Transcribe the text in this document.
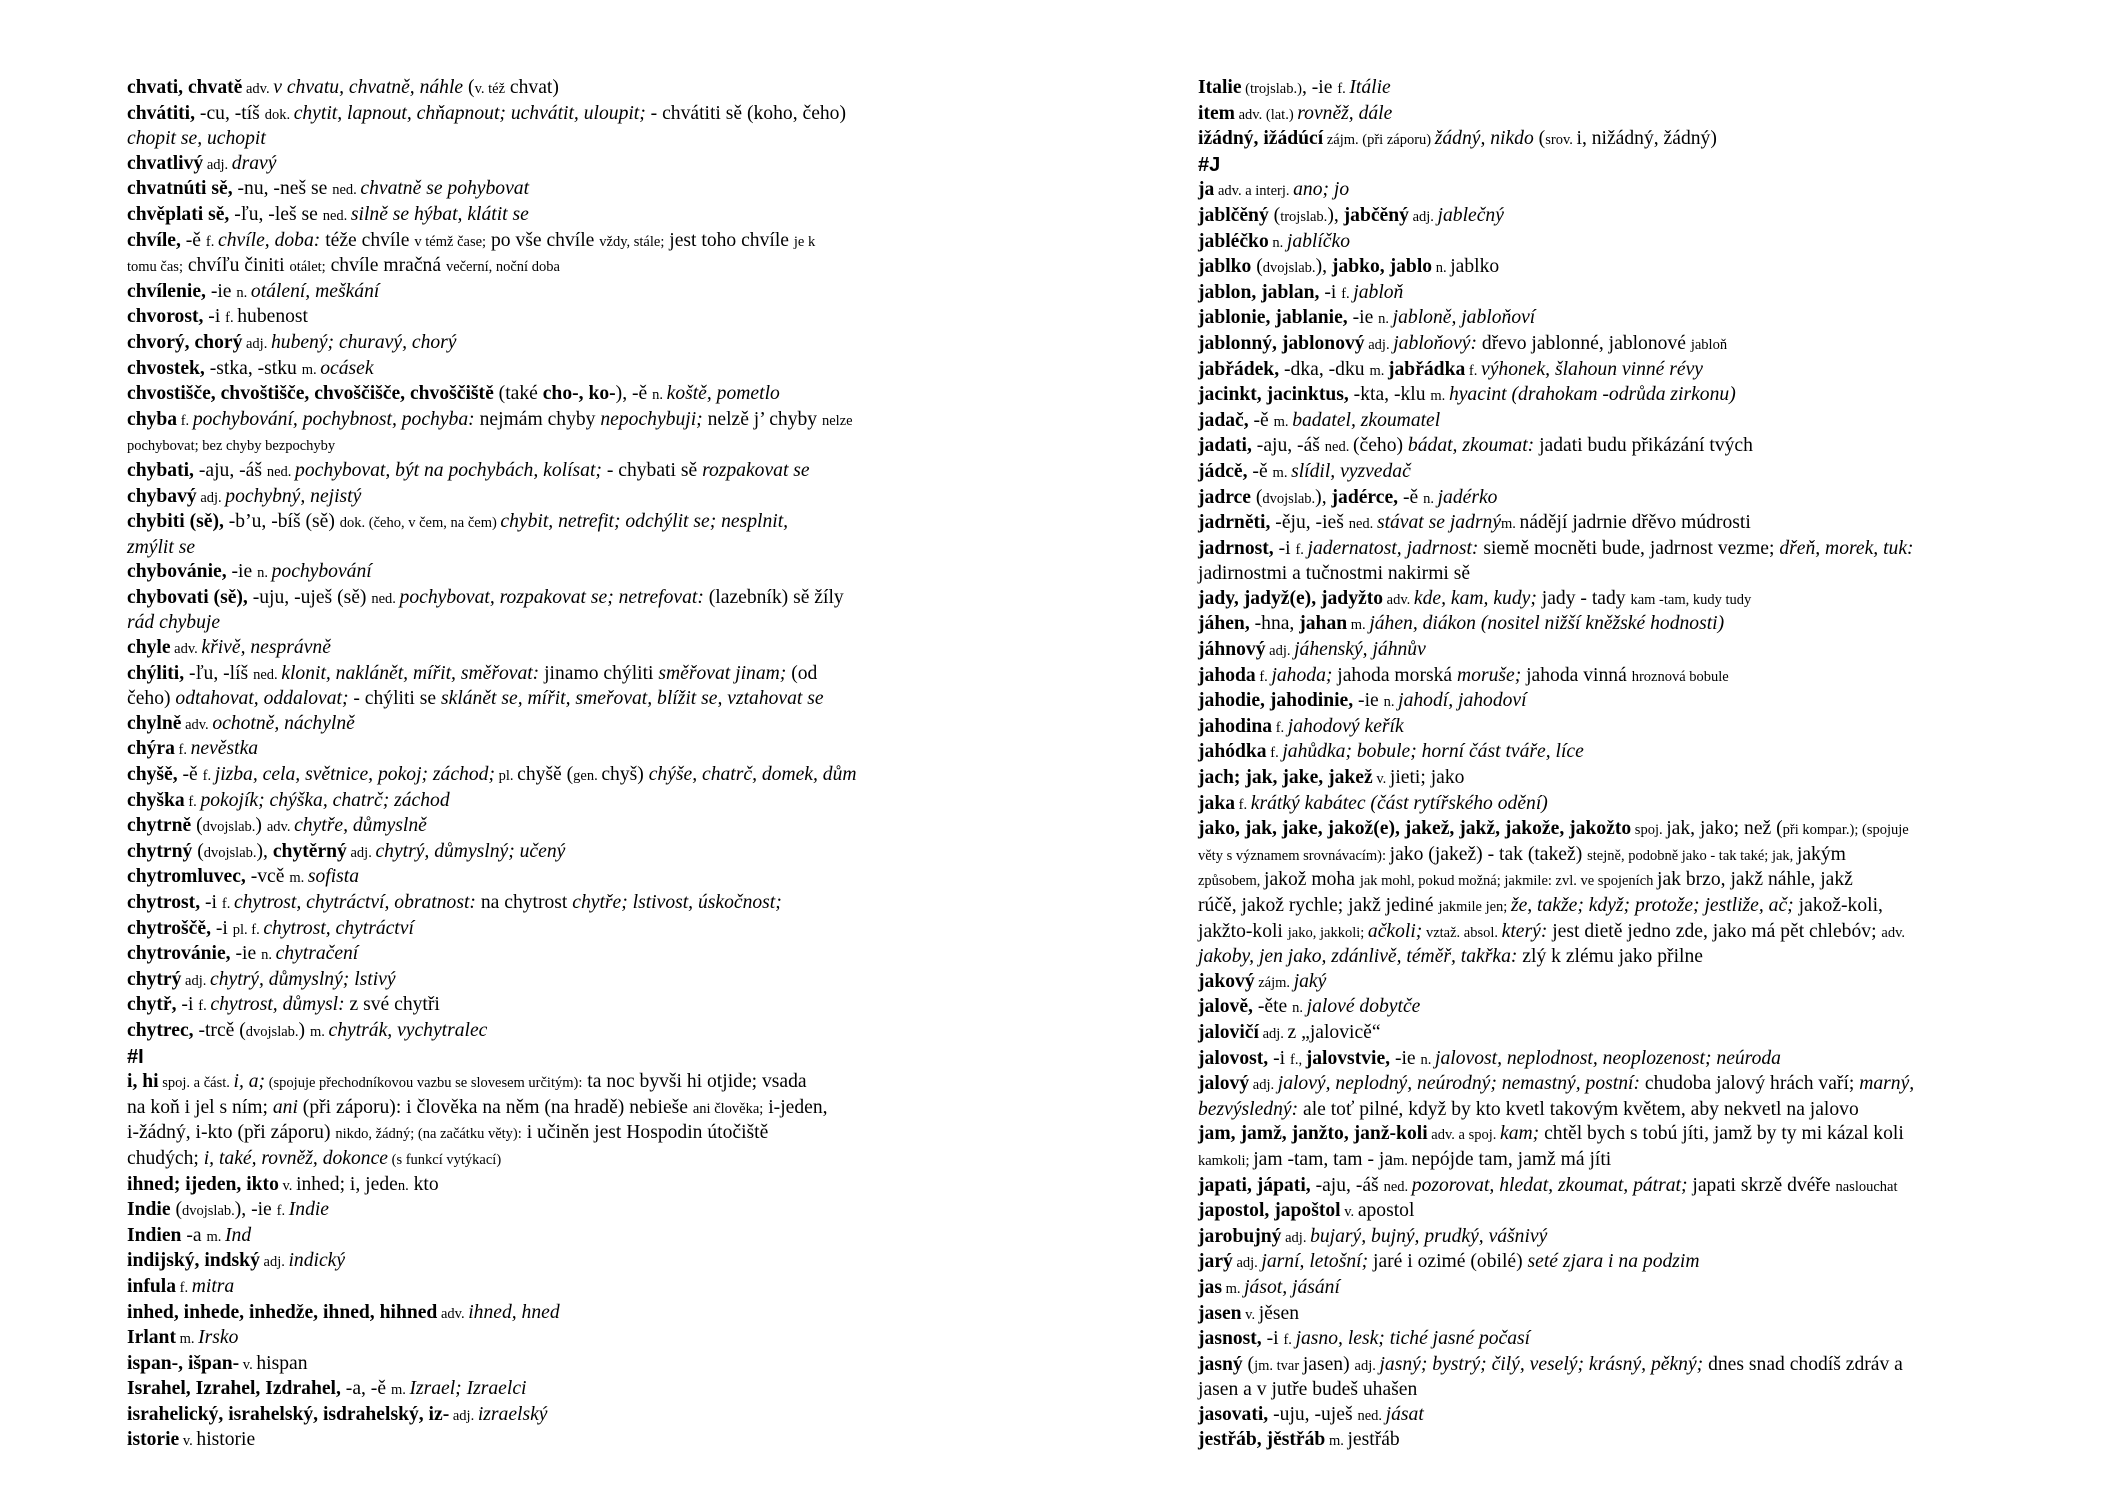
chvati, chvatě adv. v chvatu, chvatně, náhle (v. též chvat)
chvátiti, -cu, -tíš dok. chytit, lapnout, chňapnout; uchvátit, uloupit; - chvátiti sě (koho, čeho)
chopit se, uchopit
chvatlivý adj. dravý
chvatnúti sě, -nu, -neš se ned. chvatně se pohybovat
chvěplati sě, -ľu, -leš se ned. silně se hýbat, klátit se
chvíle, -ě f. chvíle, doba: téže chvíle v témž čase; po vše chvíle vždy, stále; jest toho chvíle je k
tomu čas; chvíľu činiti otálet; chvíle mračná večerní, noční doba
chvílenie, -ie n. otálení, meškání
chvorost, -i f. hubenost
chvorý, chorý adj. hubený; churavý, chorý
chvostek, -stka, -stku m. ocásek
chvostišče, chvoštišče, chvoščišče, chvoščiště (také cho-, ko-), -ě n. koště, pometlo
chyba f. pochybování, pochybnost, pochyba: nejmám chyby nepochybuji; nelzě j’ chyby nelze
pochybovat; bez chyby bezpochyby
chybati, -aju, -áš ned. pochybovat, být na pochybách, kolísat; - chybati sě rozpakovat se
chybavý adj. pochybný, nejistý
chybiti (sě), -b’u, -bíš (sě) dok. (čeho, v čem, na čem) chybit, netrefit; odchýlit se; nesplnit,
zmýlit se
chybovánie, -ie n. pochybování
chybovati (sě), -uju, -uješ (sě) ned. pochybovat, rozpakovat se; netrefovat: (lazebník) sě žíly
rád chybuje
chyle adv. křivě, nesprávně
chýliti, -ľu, -líš ned. klonit, naklánět, mířit, směřovat: jinamo chýliti směřovat jinam; (od
čeho) odtahovat, oddalovat; - chýliti se sklánět se, mířit, smeřovat, blížit se, vztahovat se
chylně adv. ochotně, náchylně
chýra f. nevěstka
chyšě, -ě f. jizba, cela, světnice, pokoj; záchod; pl. chyšě (gen. chyš) chýše, chatrč, domek, dům
chyška f. pokojík; chýška, chatrč; záchod
chytrně (dvojslab.) adv. chytře, důmyslně
chytrný (dvojslab.), chytěrný adj. chytrý, důmyslný; učený
chytromluvec, -vcě m. sofista
chytrost, -i f. chytrost, chytráctví, obratnost: na chytrost chytře; lstivost, úskočnost;
chytroščě, -i pl. f. chytrost, chytráctví
chytrovánie, -ie n. chytračení
chytrý adj. chytrý, důmyslný; lstivý
chytř, -i f. chytrost, důmysl: z své chytři
chytrec, -trcě (dvojslab.) m. chytrák, vychytralec
#I
i, hi spoj. a část. i, a; (spojuje přechodníkovou vazbu se slovesem určitým): ta noc byvši hi otjide; vsada
na koň i jel s ním; ani (při záporu): i člověka na něm (na hradě) nebieše ani člověka; i-jeden,
i-žádný, i-kto (při záporu) nikdo, žádný; (na začátku věty): i učiněn jest Hospodin útočiště
chudých; i, také, rovněž, dokonce (s funkcí vytýkací)
ihned; ijeden, ikto v. inhed; i, jeden. kto
Indie (dvojslab.), -ie f. Indie
Indien -a m. Ind
indijský, indský adj. indický
infula f. mitra
inhed, inhede, inhedže, ihned, hihned adv. ihned, hned
Irlant m. Irsko
ispan-, išpan- v. hispan
Israhel, Izrahel, Izdrahel, -a, -ě m. Izrael; Izraelci
israhelický, israhelský, isdrahelský, iz- adj. izraelský
istorie v. historie
Italie (trojslab.), -ie f. Itálie
item adv. (lat.) rovněž, dále
ižádný, ižádúcí zájm. (při záporu) žádný, nikdo (srov. i, nižádný, žádný)
#J
ja adv. a interj. ano; jo
jablčěný (trojslab.), jabčěný adj. jablečný
jabléčko n. jablíčko
jablko (dvojslab.), jabko, jablo n. jablko
jablon, jablan, -i f. jabloň
jablonie, jablanie, -ie n. jabloně, jabloňoví
jablonný, jablonový adj. jabloňový: dřevo jablonné, jablonové jabloň
jabřádek, -dka, -dku m. jabřádka f. výhonek, šlahoun vinné révy
jacinkt, jacinktus, -kta, -klu m. hyacint (drahokam -odrůda zirkonu)
jadač, -ě m. badatel, zkoumatel
jadati, -aju, -áš ned. (čeho) bádat, zkoumat: jadati budu přikázání tvých
jádcě, -ě m. slídil, vyzvedač
jadrce (dvojslab.), jadérce, -ě n. jadérko
jadrněti, -ěju, -ieš ned. stávat se jadrným. nádějí jadrnie dřěvo múdrosti
jadrnost, -i f. jadernatost, jadrnost: siemě mocněti bude, jadrnost vezme; dřeň, morek, tuk:
jadirnostmi a tučnostmi nakirmi sě
jady, jadyž(e), jadyžto adv. kde, kam, kudy; jady - tady kam -tam, kudy tudy
jáhen, -hna, jahan m. jáhen, diákon (nositel nižší kněžské hodnosti)
jáhnový adj. jáhenský, jáhnův
jahoda f. jahoda; jahoda morská moruše; jahoda vinná hroznová bobule
jahodie, jahodinie, -ie n. jahodí, jahodoví
jahodina f. jahodový keřík
jahódka f. jahůdka; bobule; horní část tváře, líce
jach; jak, jake, jakež v. jieti; jako
jaka f. krátký kabátec (část rytířského odění)
jako, jak, jake, jakož(e), jakež, jakž, jakože, jakožto spoj. jak, jako; než (při kompar.); (spojuje
věty s významem srovnávacím): jako (jakež) - tak (takež) stejně, podobně jako - tak také; jak, jakým
způsobem, jakož moha jak mohl, pokud možná; jakmile: zvl. ve spojeních jak brzo, jakž náhle, jakž
rúčě, jakož rychle; jakž jediné jakmile jen; že, takže; když; protože; jestliže, ač; jakož-koli,
jakžto-koli jako, jakkoli; ačkoli; vztaž. absol. který: jest dietě jedno zde, jako má pět chlebóv; adv.
jakoby, jen jako, zdánlivě, téměř, takřka: zlý k zlému jako přilne
jakový zájm. jaký
jalově, -ěte n. jalové dobytče
jalovičí adj. z „jalovicě“
jalovost, -i f., jalovstvie, -ie n. jalovost, neplodnost, neoplozenost; neúroda
jalový adj. jalový, neplodný, neúrodný; nemastný, postní: chudoba jalový hrách vaří; marný,
bezvýsledný: ale toť pilné, když by kto kvetl takovým květem, aby nekvetl na jalovo
jam, jamž, janžto, janž-koli adv. a spoj. kam; chtěl bych s tobú jíti, jamž by ty mi kázal koli
kamkoli; jam -tam, tam - jam. nepójde tam, jamž má jíti
japati, jápati, -aju, -áš ned. pozorovat, hledat, zkoumat, pátrat; japati skrzě dvéře naslouchat
japostol, japoštol v. apostol
jarobujný adj. bujarý, bujný, prudký, vášnivý
jarý adj. jarní, letošní; jaré i ozimé (obilé) seté zjara i na podzim
jas m. jásot, jásání
jasen v. jěsen
jasnost, -i f. jasno, lesk; tiché jasné počasí
jasný (jm. tvar jasen) adj. jasný; bystrý; čilý, veselý; krásný, pěkný; dnes snad chodíš zdráv a
jasen a v jutře budeš uhašen
jasovati, -uju, -uješ ned. jásat
jestřáb, jěstřáb m. jestřáb
